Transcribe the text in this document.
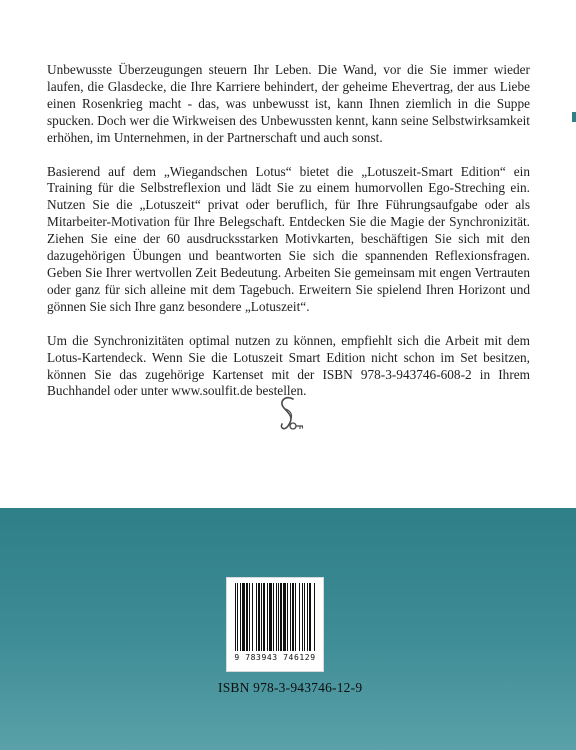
Unbewusste Überzeugungen steuern Ihr Leben. Die Wand, vor die Sie immer wieder laufen, die Glasdecke, die Ihre Karriere behindert, der geheime Ehevertrag, der aus Liebe einen Rosenkrieg macht - das, was unbewusst ist, kann Ihnen ziemlich in die Suppe spucken. Doch wer die Wirkweisen des Unbewussten kennt, kann seine Selbstwirksamkeit erhöhen, im Unternehmen, in der Partnerschaft und auch sonst.

Basierend auf dem „Wiegandschen Lotus“ bietet die „Lotuszeit-Smart Edition“ ein Training für die Selbstreflexion und lädt Sie zu einem humorvollen Ego-Streching ein. Nutzen Sie die „Lotuszeit“ privat oder beruflich, für Ihre Führungsaufgabe oder als Mitarbeiter-Motivation für Ihre Belegschaft. Entdecken Sie die Magie der Synchronizität. Ziehen Sie eine der 60 ausdrucksstarken Motivkarten, beschäftigen Sie sich mit den dazugehörigen Übungen und beantworten Sie sich die spannenden Reflexionsfragen. Geben Sie Ihrer wertvollen Zeit Bedeutung. Arbeiten Sie gemeinsam mit engen Vertrauten oder ganz für sich alleine mit dem Tagebuch. Erweitern Sie spielend Ihren Horizont und gönnen Sie sich Ihre ganz besondere „Lotuszeit“.

Um die Synchronizitäten optimal nutzen zu können, empfiehlt sich die Arbeit mit dem Lotus-Kartendeck. Wenn Sie die Lotuszeit Smart Edition nicht schon im Set besitzen, können Sie das zugehörige Kartenset mit der ISBN 978-3-943746-608-2 in Ihrem Buchhandel oder unter www.soulfit.de bestellen.

9 783943 746129
ISBN 978-3-943746-12-9
